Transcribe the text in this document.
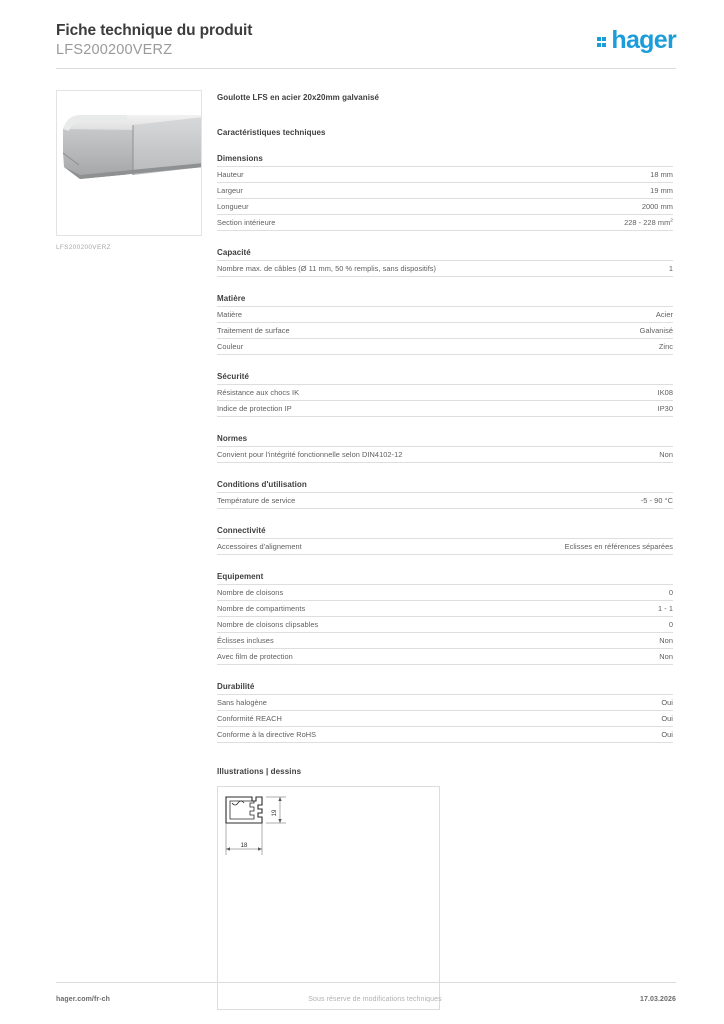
Fiche technique du produit
LFS200200VERZ	hager
LFS200200VERZ
Goulotte LFS en acier 20x20mm galvanisé
Caractéristiques techniques
Dimensions
Hauteur	18 mm
Largeur	19 mm
Longueur	2000 mm
Section intérieure	228 - 228 $mm^2$
Capacité
Nombre max. de câbles (Ø 11 mm, 50 % remplis, sans dispositifs)	1
Matière
Matière	Acier
Traitement de surface	Galvanisé
Couleur	Zinc
Sécurité
Résistance aux chocs IK	IK08
Indice de protection IP	IP30
Normes
Convient pour l'intégrité fonctionnelle selon DIN4102-12	Non
Conditions d'utilisation
Température de service	-5 - 90 °C
Connectivité
Accessoires d'alignement	Eclisses en références séparées
Equipement
Nombre de cloisons	0
Nombre de compartiments	1 - 1
Nombre de cloisons clipsables	0
Éclisses incluses	Non
Avec film de protection	Non
Durabilité
Sans halogène	Oui
Conformité REACH	Oui
Conforme à la directive RoHS	Oui
Illustrations | dessins
19
18
hager.com/fr-ch	Sous réserve de modifications techniques	17.03.2026
